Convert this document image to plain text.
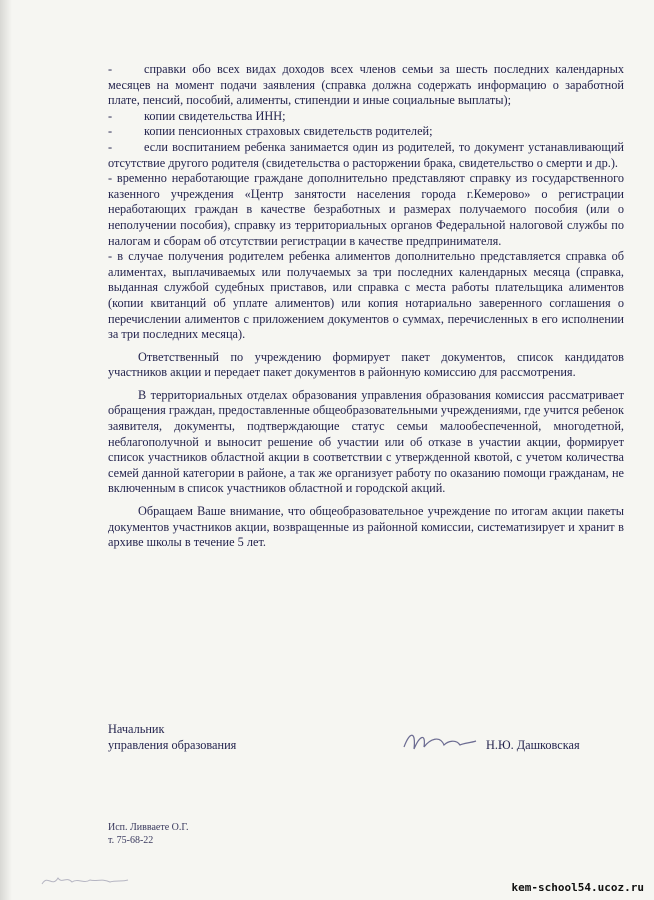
-	справки обо всех видах доходов всех членов семьи за шесть последних календарных месяцев на момент подачи заявления (справка должна содержать информацию о заработной плате, пенсий, пособий, алименты, стипендии и иные социальные выплаты);

-	копии свидетельства ИНН;

-	копии пенсионных страховых свидетельств родителей;

-	если воспитанием ребенка занимается один из родителей, то документ устанавливающий отсутствие другого родителя (свидетельства о расторжении брака, свидетельство о смерти и др.).

- временно неработающие граждане дополнительно представляют справку из государственного казенного учреждения «Центр занятости населения города г.Кемерово» о регистрации неработающих граждан в качестве безработных и размерах получаемого пособия (или о неполучении пособия), справку из территориальных органов Федеральной налоговой службы по налогам и сборам об отсутствии регистрации в качестве предпринимателя.

- в случае получения родителем ребенка алиментов дополнительно представляется справка об алиментах, выплачиваемых или получаемых за три последних календарных месяца (справка, выданная службой судебных приставов, или справка с места работы плательщика алиментов (копии квитанций об уплате алиментов) или копия нотариально заверенного соглашения о перечислении алиментов с приложением документов о суммах, перечисленных в его исполнении за три последних месяца).

Ответственный по учреждению формирует пакет документов, список кандидатов участников акции и передает пакет документов в районную комиссию для рассмотрения.

В территориальных отделах образования управления образования комиссия рассматривает обращения граждан, предоставленные общеобразовательными учреждениями, где учится ребенок заявителя, документы, подтверждающие статус семьи малообеспеченной, многодетной, неблагополучной и выносит решение об участии или об отказе в участии акции, формирует список участников областной акции в соответствии с утвержденной квотой, с учетом количества семей данной категории в районе, а так же организует работу по оказанию помощи гражданам, не включенным в список участников областной и городской акций.

Обращаем Ваше внимание, что общеобразовательное учреждение по итогам акции пакеты документов участников акции, возвращенные из районной комиссии, систематизирует и хранит в архиве школы в течение 5 лет.

Начальник
управления образования	Н.Ю. Дашковская
Исп. Ливваете О.Г.
т. 75-68-22
kem-school54.ucoz.ru
